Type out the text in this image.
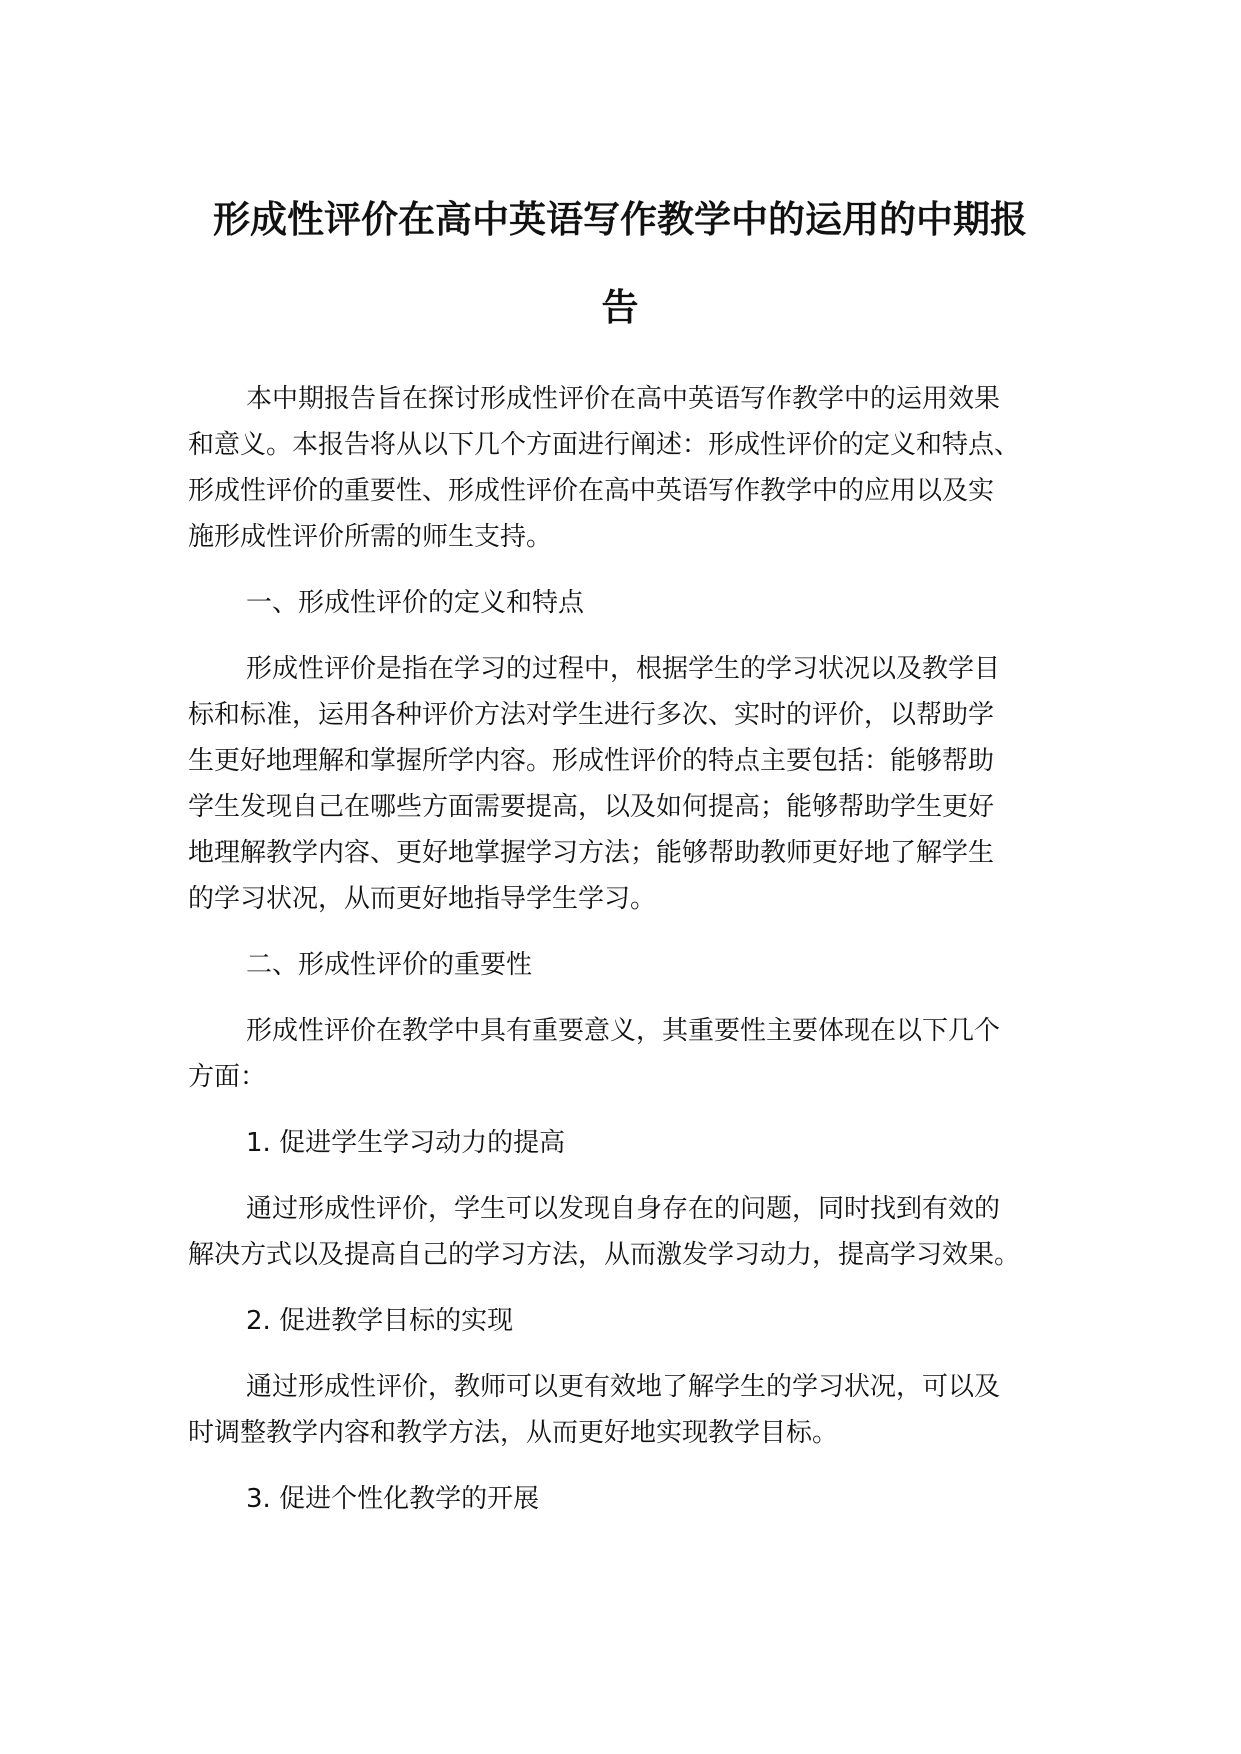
形成性评价在高中英语写作教学中的运用的中期报
告
本中期报告旨在探讨形成性评价在高中英语写作教学中的运用效果
和意义。本报告将从以下几个方面进行阐述：形成性评价的定义和特点、
形成性评价的重要性、形成性评价在高中英语写作教学中的应用以及实
施形成性评价所需的师生支持。
一、形成性评价的定义和特点
形成性评价是指在学习的过程中，根据学生的学习状况以及教学目
标和标准，运用各种评价方法对学生进行多次、实时的评价，以帮助学
生更好地理解和掌握所学内容。形成性评价的特点主要包括：能够帮助
学生发现自己在哪些方面需要提高，以及如何提高；能够帮助学生更好
地理解教学内容、更好地掌握学习方法；能够帮助教师更好地了解学生
的学习状况，从而更好地指导学生学习。
二、形成性评价的重要性
形成性评价在教学中具有重要意义，其重要性主要体现在以下几个
方面：
1. 促进学生学习动力的提高
通过形成性评价，学生可以发现自身存在的问题，同时找到有效的
解决方式以及提高自己的学习方法，从而激发学习动力，提高学习效果。
2. 促进教学目标的实现
通过形成性评价，教师可以更有效地了解学生的学习状况，可以及
时调整教学内容和教学方法，从而更好地实现教学目标。
3. 促进个性化教学的开展
